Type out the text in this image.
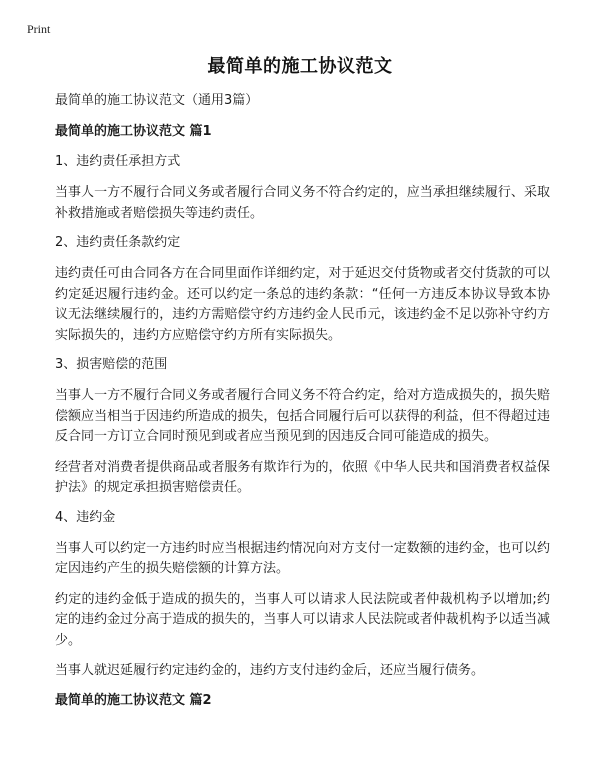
Print
最简单的施工协议范文

最简单的施工协议范文（通用3篇）

最简单的施工协议范文 篇1

1、违约责任承担方式

当事人一方不履行合同义务或者履行合同义务不符合约定的，应当承担继续履行、采取补救措施或者赔偿损失等违约责任。

2、违约责任条款约定

违约责任可由合同各方在合同里面作详细约定，对于延迟交付货物或者交付货款的可以约定延迟履行违约金。还可以约定一条总的违约条款：“任何一方违反本协议导致本协议无法继续履行的，违约方需赔偿守约方违约金人民币元，该违约金不足以弥补守约方实际损失的，违约方应赔偿守约方所有实际损失。

3、损害赔偿的范围

当事人一方不履行合同义务或者履行合同义务不符合约定，给对方造成损失的，损失赔偿额应当相当于因违约所造成的损失，包括合同履行后可以获得的利益，但不得超过违反合同一方订立合同时预见到或者应当预见到的因违反合同可能造成的损失。

经营者对消费者提供商品或者服务有欺诈行为的，依照《中华人民共和国消费者权益保护法》的规定承担损害赔偿责任。

4、违约金

当事人可以约定一方违约时应当根据违约情况向对方支付一定数额的违约金，也可以约定因违约产生的损失赔偿额的计算方法。

约定的违约金低于造成的损失的，当事人可以请求人民法院或者仲裁机构予以增加;约定的违约金过分高于造成的损失的，当事人可以请求人民法院或者仲裁机构予以适当减少。

当事人就迟延履行约定违约金的，违约方支付违约金后，还应当履行债务。

最简单的施工协议范文 篇2
